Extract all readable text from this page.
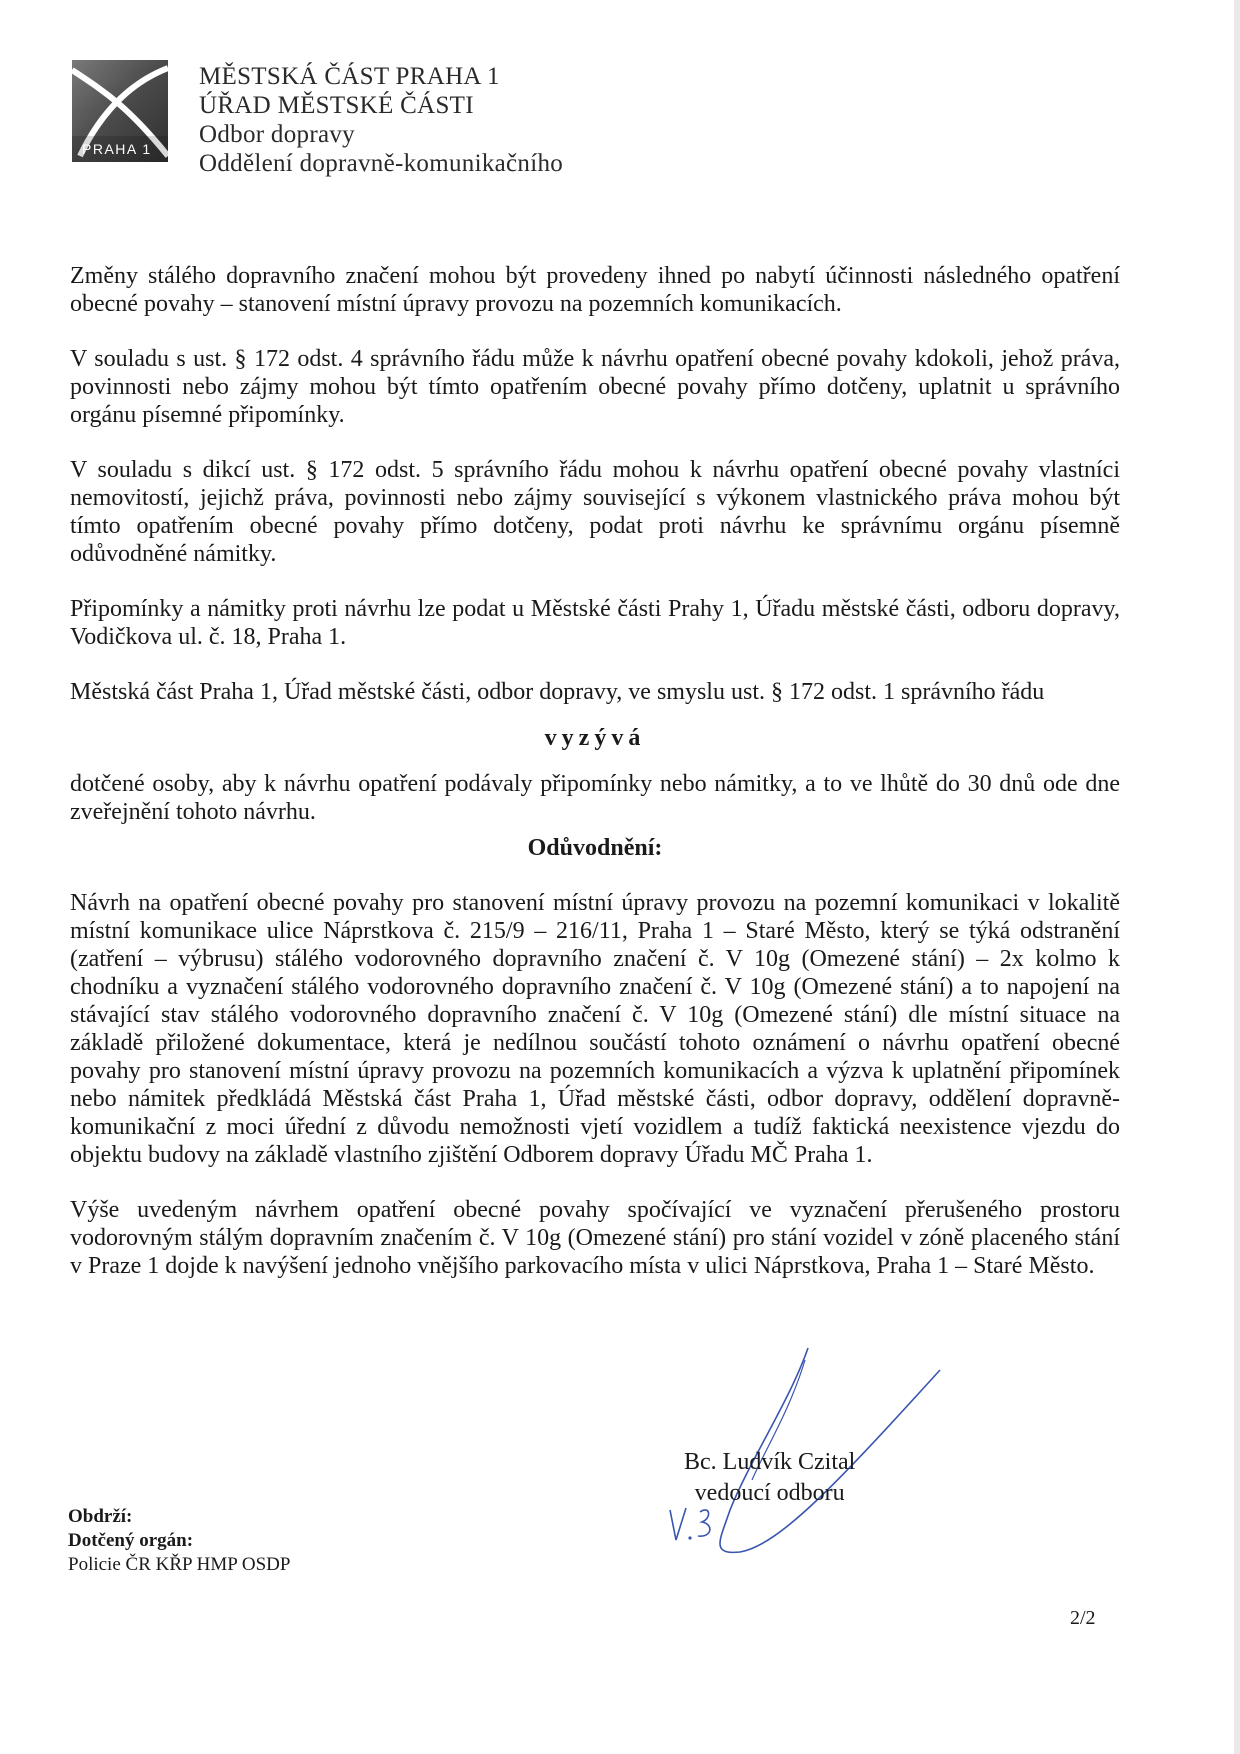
PRAHA 1
MĚSTSKÁ ČÁST PRAHA 1
ÚŘAD MĚSTSKÉ ČÁSTI
Odbor dopravy
Oddělení dopravně-komunikačního

Změny stálého dopravního značení mohou být provedeny ihned po nabytí účinnosti následného opatření obecné povahy – stanovení místní úpravy provozu na pozemních komunikacích.

V souladu s ust. § 172 odst. 4 správního řádu může k návrhu opatření obecné povahy kdokoli, jehož práva, povinnosti nebo zájmy mohou být tímto opatřením obecné povahy přímo dotčeny, uplatnit u správního orgánu písemné připomínky.

V souladu s dikcí ust. § 172 odst. 5 správního řádu mohou k návrhu opatření obecné povahy vlastníci nemovitostí, jejichž práva, povinnosti nebo zájmy související s výkonem vlastnického práva mohou být tímto opatřením obecné povahy přímo dotčeny, podat proti návrhu ke správnímu orgánu písemně odůvodněné námitky.

Připomínky a námitky proti návrhu lze podat u Městské části Prahy 1, Úřadu městské části, odboru dopravy, Vodičkova ul. č. 18, Praha 1.

Městská část Praha 1, Úřad městské části, odbor dopravy, ve smyslu ust. § 172 odst. 1 správního řádu

vyzývá

dotčené osoby, aby k návrhu opatření podávaly připomínky nebo námitky, a to ve lhůtě do 30 dnů ode dne zveřejnění tohoto návrhu.

Odůvodnění:

Návrh na opatření obecné povahy pro stanovení místní úpravy provozu na pozemní komunikaci v lokalitě místní komunikace ulice Náprstkova č. 215/9 – 216/11, Praha 1 – Staré Město, který se týká odstranění (zatření – výbrusu) stálého vodorovného dopravního značení č. V 10g (Omezené stání) – 2x kolmo k chodníku a vyznačení stálého vodorovného dopravního značení č. V 10g (Omezené stání) a to napojení na stávající stav stálého vodorovného dopravního značení č. V 10g (Omezené stání) dle místní situace na základě přiložené dokumentace, která je nedílnou součástí tohoto oznámení o návrhu opatření obecné povahy pro stanovení místní úpravy provozu na pozemních komunikacích a výzva k uplatnění připomínek nebo námitek předkládá Městská část Praha 1, Úřad městské části, odbor dopravy, oddělení dopravně-komunikační z moci úřední z důvodu nemožnosti vjetí vozidlem a tudíž faktická neexistence vjezdu do objektu budovy na základě vlastního zjištění Odborem dopravy Úřadu MČ Praha 1.

Výše uvedeným návrhem opatření obecné povahy spočívající ve vyznačení přerušeného prostoru vodorovným stálým dopravním značením č. V 10g (Omezené stání) pro stání vozidel v zóně placeného stání v Praze 1 dojde k navýšení jednoho vnějšího parkovacího místa v ulici Náprstkova, Praha 1 – Staré Město.

Bc. Ludvík Czital
vedoucí odboru
Obdrží:
Dotčený orgán:
Policie ČR KŘP HMP OSDP
2/2
